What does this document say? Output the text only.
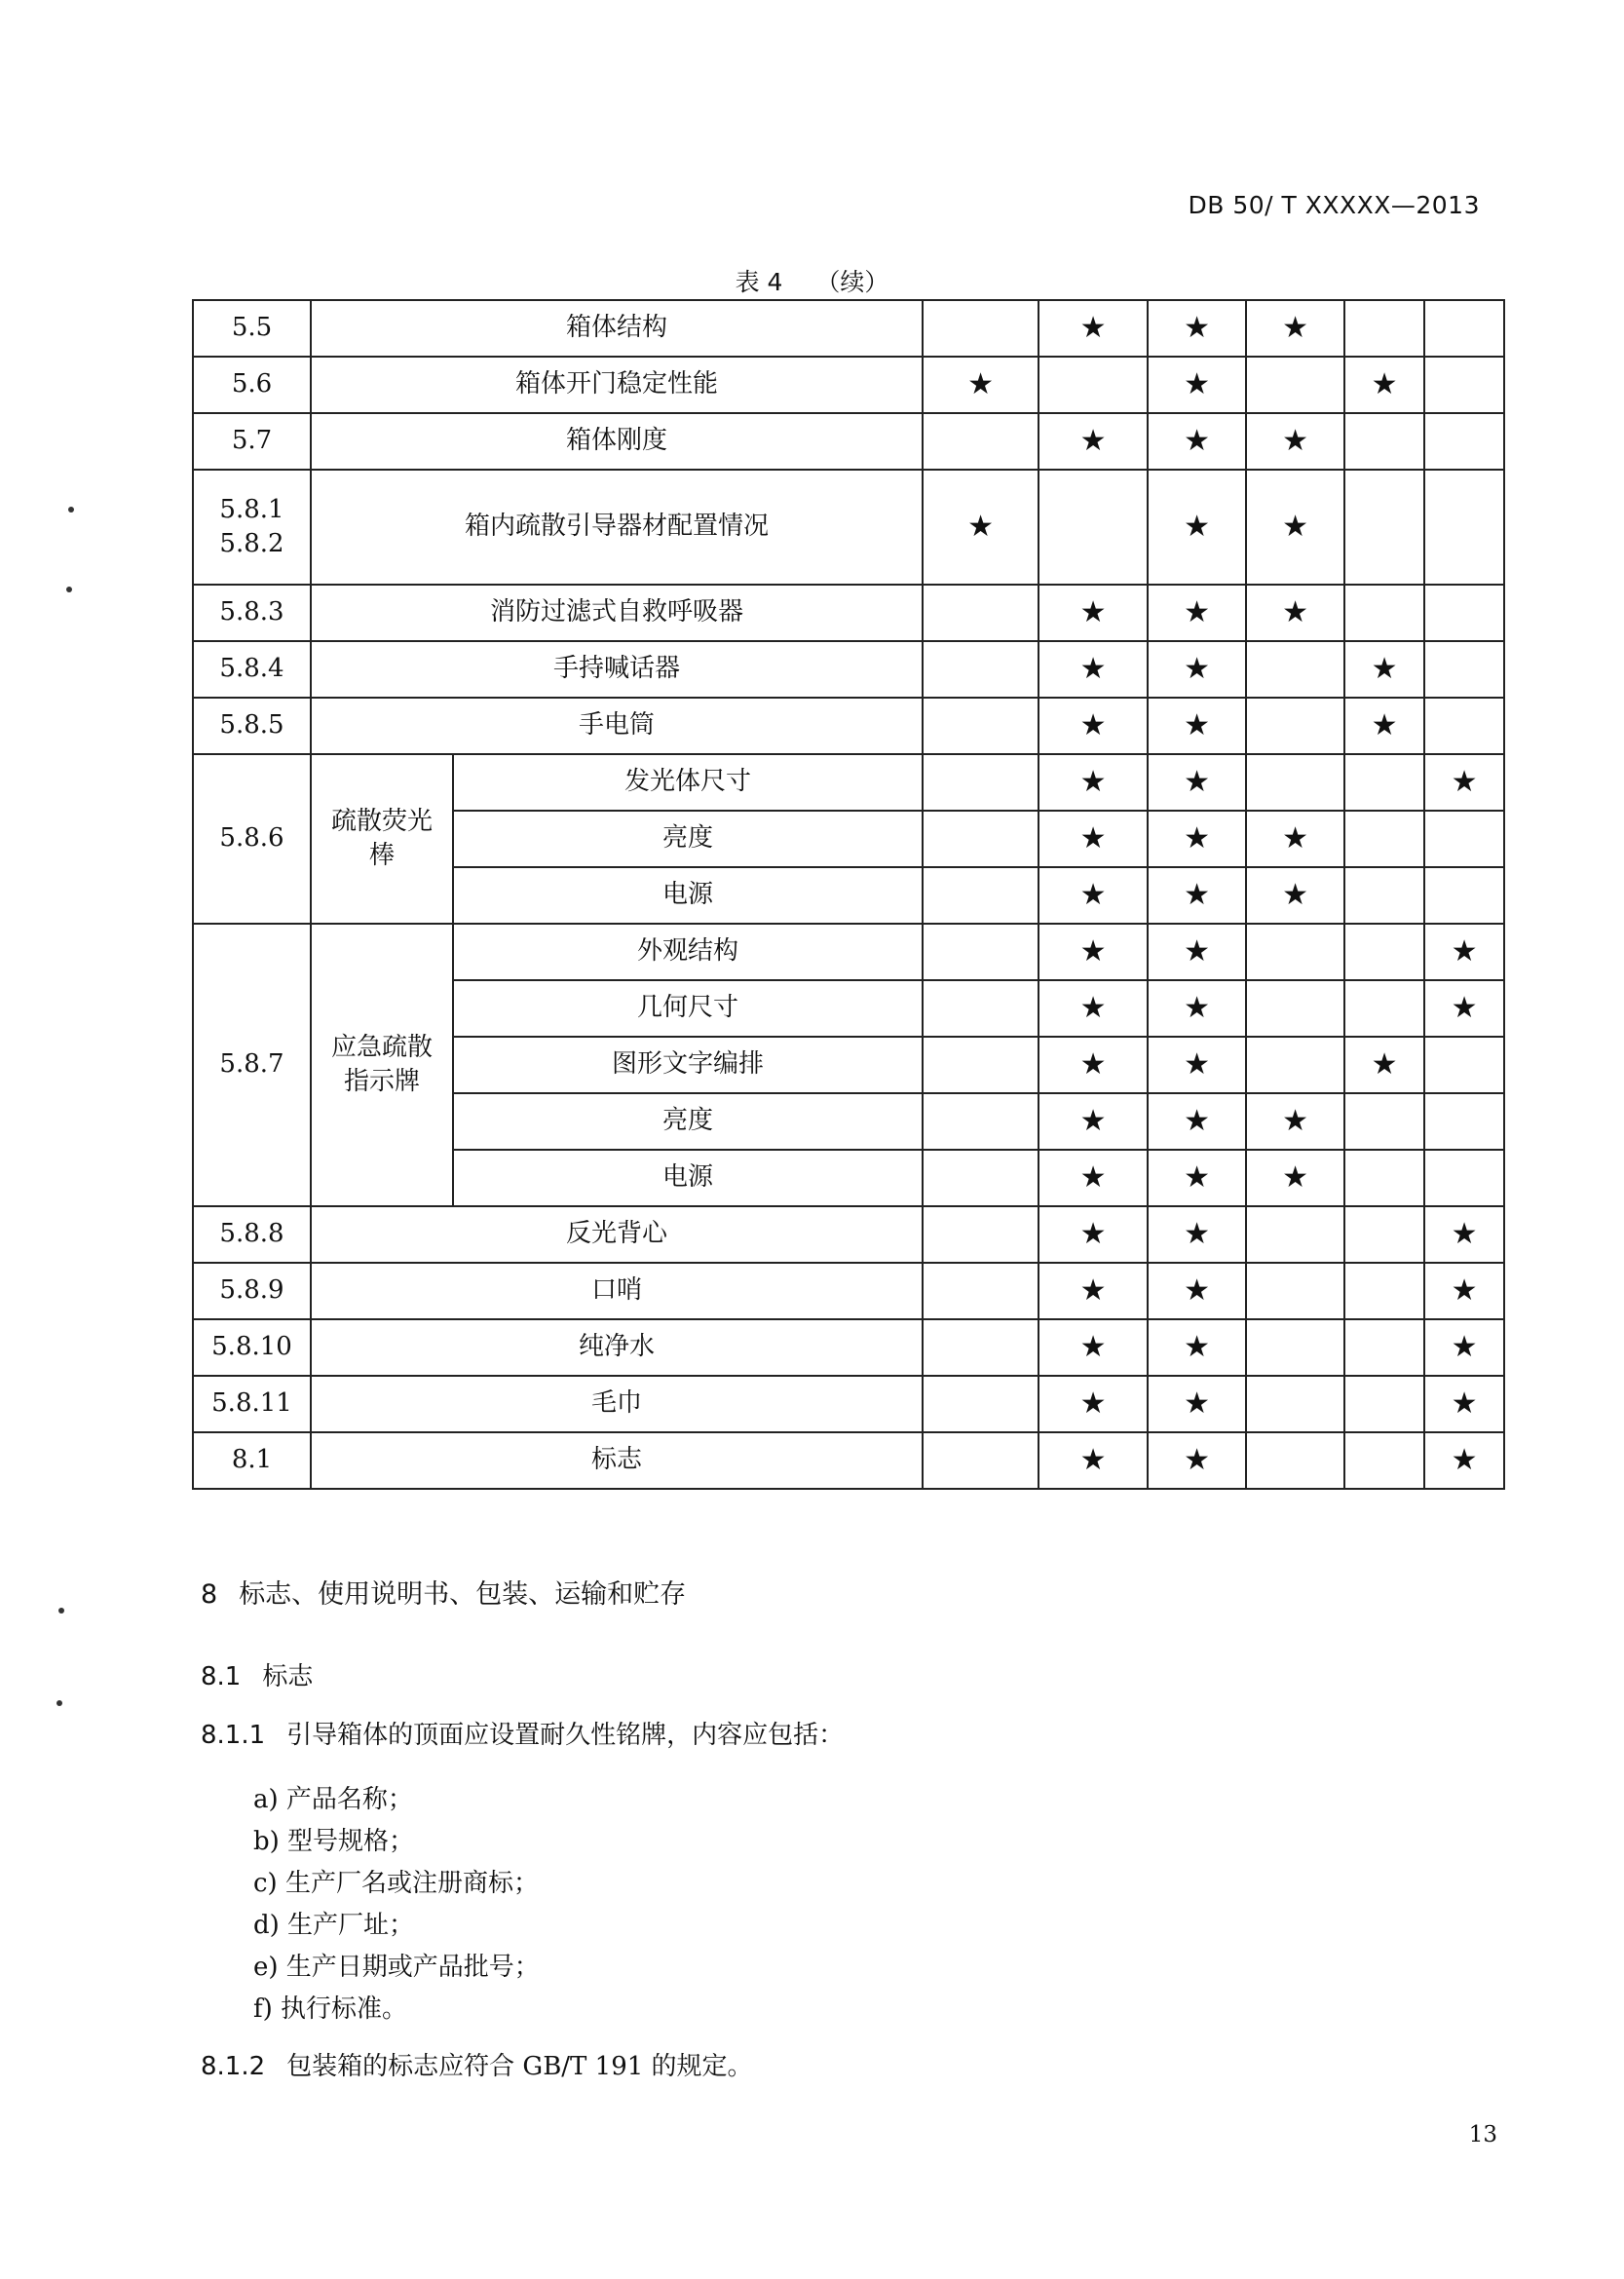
DB 50/ T XXXXX—2013
表 4 （续）
5.5	箱体结构			★	★	★		
5.6	箱体开门稳定性能		★		★		★	
5.7	箱体刚度			★	★	★		

5.8.1
5.8.2	箱内疏散引导器材配置情况		★		★	★		
5.8.3	消防过滤式自救呼吸器			★	★	★		
5.8.4	手持喊话器			★	★		★	
5.8.5	手电筒			★	★		★	
5.8.6	疏散荧光棒	发光体尺寸		★	★			★
		亮度		★	★	★		
		电源		★	★	★		
5.8.7	应急疏散指示牌	外观结构		★	★			★
		几何尺寸		★	★			★
		图形文字编排		★	★		★	
		亮度		★	★	★		
		电源		★	★	★		
5.8.8	反光背心			★	★			★
5.8.9	口哨			★	★			★
5.8.10	纯净水			★	★			★
5.8.11	毛巾			★	★			★
8.1	标志			★	★			★
8 标志、使用说明书、包装、运输和贮存
8.1 标志
8.1.1 引导箱体的顶面应设置耐久性铭牌，内容应包括：
a) 产品名称；
b) 型号规格；
c) 生产厂名或注册商标；
d) 生产厂址；
e) 生产日期或产品批号；
f) 执行标准。
8.1.2 包装箱的标志应符合 GB/T 191 的规定。
13
